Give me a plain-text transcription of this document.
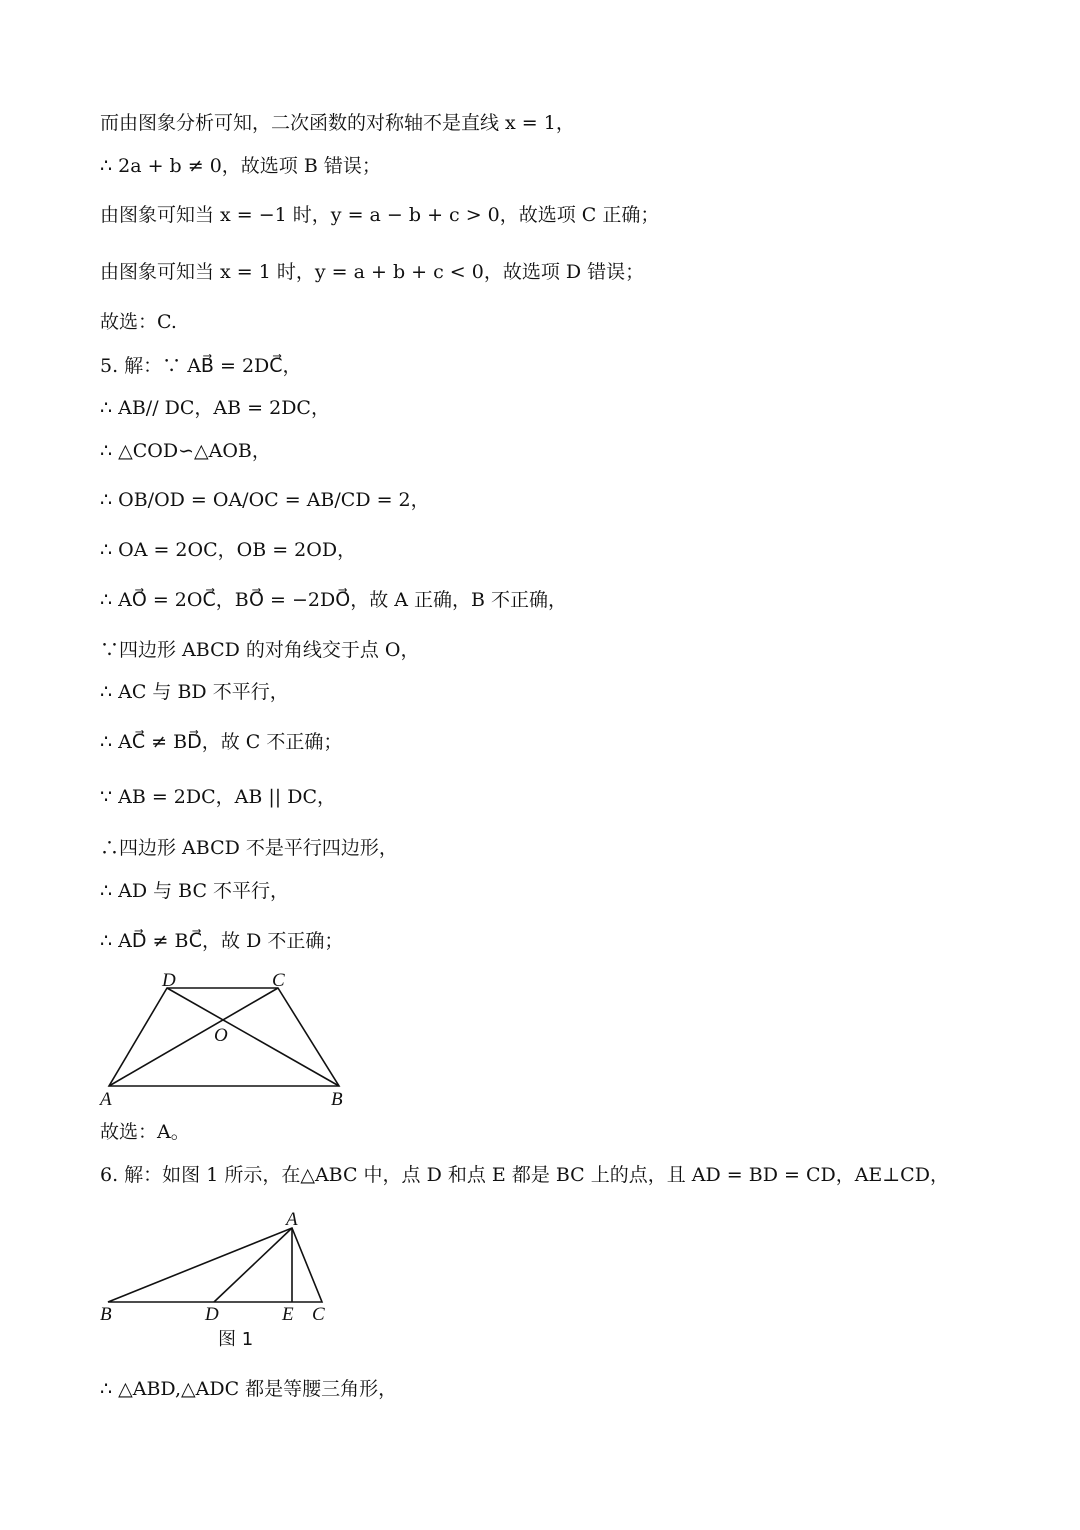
而由图象分析可知，二次函数的对称轴不是直线 x = 1，

∴ 2a + b ≠ 0，故选项 B 错误；

由图象可知当 x = −1 时，y = a − b + c > 0，故选项 C 正确；

由图象可知当 x = 1 时，y = a + b + c < 0，故选项 D 错误；

故选：C.

5. 解：∵ AB⃗ = 2DC⃗，

∴ AB// DC，AB = 2DC，

∴ △COD∽△AOB，

∴ OB/OD = OA/OC = AB/CD = 2，

∴ OA = 2OC，OB = 2OD，

∴ AO⃗ = 2OC⃗，BO⃗ = −2DO⃗，故 A 正确，B 不正确，

∵四边形 ABCD 的对角线交于点 O，

∴ AC 与 BD 不平行，

∴ AC⃗ ≠ BD⃗，故 C 不正确；

∵ AB = 2DC，AB || DC，

∴四边形 ABCD 不是平行四边形，

∴ AD 与 BC 不平行，

∴ AD⃗ ≠ BC⃗，故 D 不正确；

D	C
O
A	B

故选：A。

6. 解：如图 1 所示，在△ABC 中，点 D 和点 E 都是 BC 上的点，且 AD = BD = CD，AE⊥CD，

A
B	D	E C
图 1

∴ △ABD,△ADC 都是等腰三角形，
